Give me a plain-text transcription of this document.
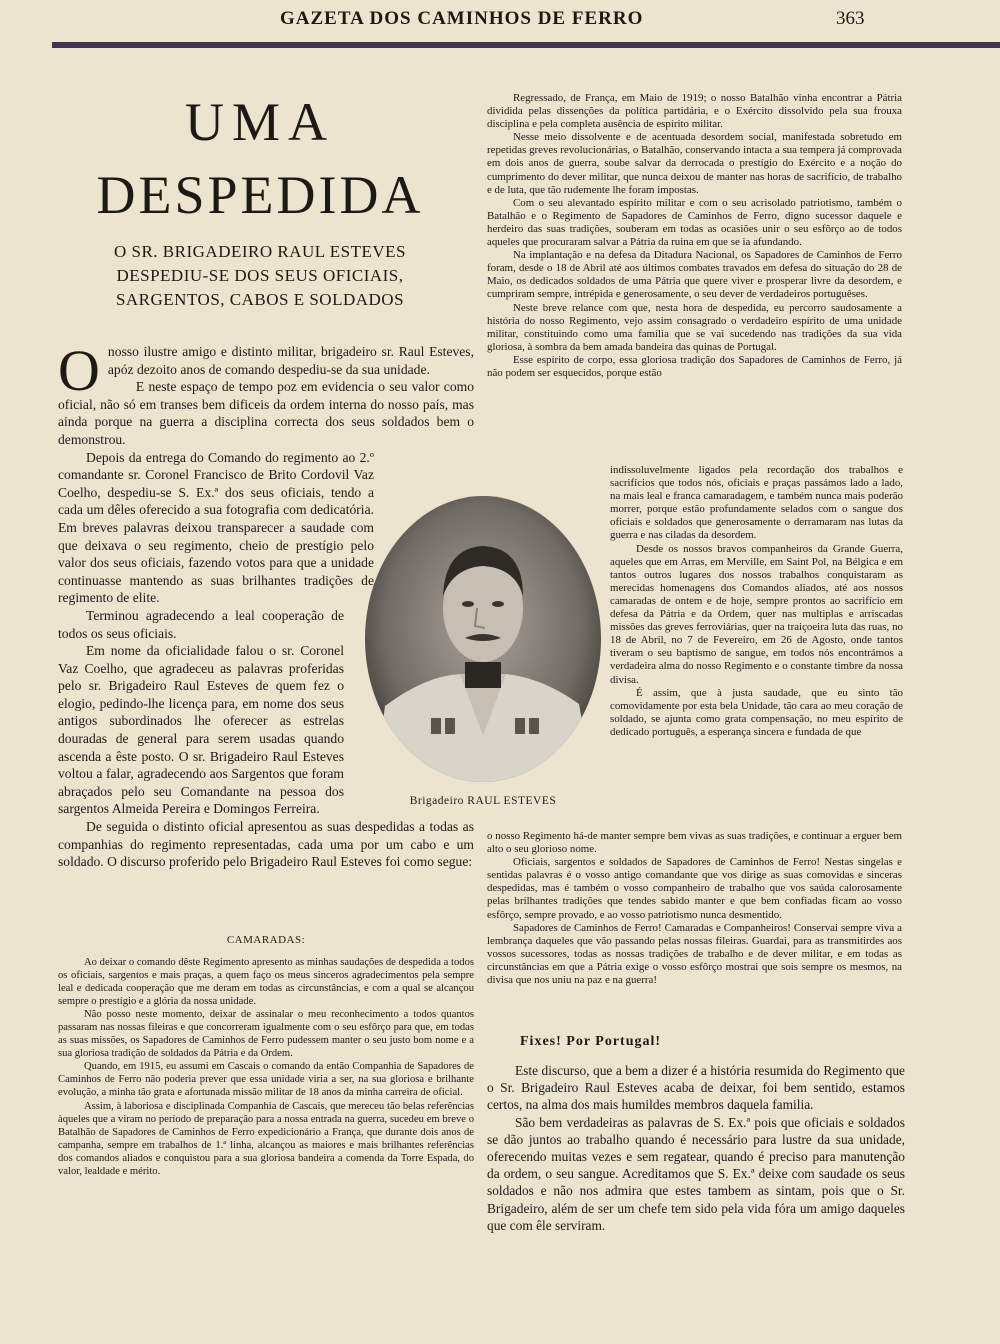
GAZETA DOS CAMINHOS DE FERRO	363
UMA
DESPEDIDA
O SR. BRIGADEIRO RAUL ESTEVES
DESPEDIU-SE DOS SEUS OFICIAIS,
SARGENTOS, CABOS E SOLDADOS

Onosso ilustre amigo e distinto militar, brigadeiro sr. Raul Esteves, apóz dezoito anos de comando despediu-se da sua unidade.

E neste espaço de tempo poz em evidencia o seu valor como oficial, não só em transes bem dificeis da ordem interna do nosso país, mas ainda porque na guerra a disciplina correcta dos seus soldados bem o demonstrou.

Depois da entrega do Comando do regimento ao 2.º comandante sr. Coronel Francisco de Brito Cordovil Vaz Coelho, despediu-se S. Ex.ª dos seus oficiais, tendo a cada um dêles oferecido a sua fotografia com dedicatória. Em breves palavras deixou transparecer a saudade com que deixava o seu regimento, cheio de prestígio pelo valor dos seus oficiais, fazendo votos para que a unidade continuasse mantendo as suas brilhantes tradições de regimento de elite.

Terminou agradecendo a leal cooperação de todos os seus oficiais.

Em nome da oficialidade falou o sr. Coronel Vaz Coelho, que agradeceu as palavras proferidas pelo sr. Brigadeiro Raul Esteves de quem fez o elogio, pedindo-lhe licença para, em nome dos seus antigos subordinados lhe oferecer as estrelas douradas de general para serem usadas quando ascenda a êste posto. O sr. Brigadeiro Raul Esteves voltou a falar, agradecendo aos Sargentos que foram abraçados pelo seu Comandante na pessoa dos sargentos Almeida Pereira e Domingos Ferreira.

De seguida o distinto oficial apresentou as suas despedidas a todas as companhias do regimento representadas, cada uma por um cabo e um soldado. O discurso proferido pelo Brigadeiro Raul Esteves foi como segue:

CAMARADAS:

Ao deixar o comando dêste Regimento apresento as minhas saudações de despedida a todos os oficiais, sargentos e mais praças, a quem faço os meus sinceros agradecimentos pela sempre leal e dedicada cooperação que me deram em todas as circunstâncias, e com a qual se alcançou sempre o prestígio e a glória da nossa unidade.

Não posso neste momento, deixar de assinalar o meu reconhecimento a todos quantos passaram nas nossas fileiras e que concorreram igualmente com o seu esfôrço para que, em todas as suas missões, os Sapadores de Caminhos de Ferro pudessem manter o seu justo bom nome e a sua gloriosa tradição de soldados da Pátria e da Ordem.

Quando, em 1915, eu assumi em Cascais o comando da então Companhia de Sapadores de Caminhos de Ferro não poderia prever que essa unidade viria a ser, na sua gloriosa e brilhante evolução, a minha tão grata e afortunada missão militar de 18 anos da minha carreira de oficial.

Assim, à laboriosa e disciplinada Companhia de Cascais, que mereceu tão belas referências àqueles que a viram no período de preparação para a nossa entrada na guerra, sucedeu em breve o Batalhão de Sapadores de Caminhos de Ferro expedicionário a França, que durante dois anos de campanha, sempre em trabalhos de 1.ª linha, alcançou as maiores e mais brilhantes referências dos comandos aliados e conquistou para a sua gloriosa bandeira a comenda da Torre Espada, do valor, lealdade e mérito.

Regressado, de França, em Maio de 1919; o nosso Batalhão vinha encontrar a Pátria dividida pelas dissenções da política partidária, e o Exército dissolvido pela sua frouxa disciplina e pela completa ausência de espírito militar.

Nesse meio dissolvente e de acentuada desordem social, manifestada sobretudo em repetidas greves revolucionárias, o Batalhão, conservando intacta a sua tempera já comprovada em dois anos de guerra, soube salvar da derrocada o prestígio do Exército e a noção do cumprimento do dever militar, que nunca deixou de manter nas horas de sacrifício, de trabalho e de luta, que tão rudemente lhe foram impostas.

Com o seu alevantado espírito militar e com o seu acrisolado patriotismo, também o Batalhão e o Regimento de Sapadores de Caminhos de Ferro, digno sucessor daquele e herdeiro das suas tradições, souberam em todas as ocasiões unir o seu esfôrço ao de todos aqueles que procuraram salvar a Pátria da ruina em que se ia afundando.

Na implantação e na defesa da Ditadura Nacional, os Sapadores de Caminhos de Ferro foram, desde o 18 de Abril até aos últimos combates travados em defesa do situação do 28 de Maio, os dedicados soldados de uma Pátria que quere viver e prosperar livre da desordem, e cumpriram sempre, intrépida e generosamente, o seu dever de verdadeiros portuguêses.

Neste breve relance com que, nesta hora de despedida, eu percorro saudosamente a história do nosso Regimento, vejo assim consagrado o verdadeiro espírito de uma unidade militar, constituindo como uma família que se vai sucedendo nas tradições da sua vida gloriosa, à sombra da bem amada bandeira das quinas de Portugal.

Esse espírito de corpo, essa gloriosa tradição dos Sapadores de Caminhos de Ferro, já não podem ser esquecidos, porque estão

indissoluvelmente ligados pela recordação dos trabalhos e sacrifícios que todos nós, oficiais e praças passámos lado a lado, na mais leal e franca camaradagem, e também nunca mais poderão morrer, porque estão profundamente selados com o sangue dos oficiais e soldados que generosamente o derramaram nas lutas da guerra e nas ciladas da desordem.

Desde os nossos bravos companheiros da Grande Guerra, aqueles que em Arras, em Merville, em Saint Pol, na Bélgica e em tantos outros lugares dos nossos trabalhos conquistaram as merecidas homenagens dos Comandos aliados, até aos nossos camaradas de ontem e de hoje, sempre prontos ao sacrifício em defesa da Pátria e da Ordem, quer nas multiplas e arriscadas missões das greves ferroviárias, quer na traiçoeira luta das ruas, no 18 de Abril, no 7 de Fevereiro, em 26 de Agosto, onde tantos tiveram o seu baptismo de sangue, em todos nós encontrámos a verdadeira alma do nosso Regimento e o constante timbre da nossa divisa.

É assim, que à justa saudade, que eu sinto tão comovidamente por esta bela Unidade, tão cara ao meu coração de soldado, se ajunta como grata compensação, no meu espírito de dedicado português, a esperança sincera e fundada de que

o nosso Regimento há-de manter sempre bem vivas as suas tradições, e continuar a erguer bem alto o seu glorioso nome.

Oficiais, sargentos e soldados de Sapadores de Caminhos de Ferro! Nestas singelas e sentidas palavras é o vosso antigo comandante que vos dirige as suas comovidas e sinceras despedidas, mas é também o vosso companheiro de trabalho que vos saúda calorosamente pelas brilhantes tradições que tendes sabido manter e que bem confiadas ficam ao vosso esfôrço, sempre provado, e ao vosso patriotismo nunca desmentido.

Sapadores de Caminhos de Ferro! Camaradas e Companheiros! Conservai sempre viva a lembrança daqueles que vão passando pelas nossas fileiras. Guardai, para as transmitirdes aos vossos sucessores, todas as nossas tradições de trabalho e de dever militar, e em todas as circunstâncias em que a Pátria exige o vosso esfôrço mostrai que sois sempre os mesmos, na divisa que nos uniu na paz e na guerra!

Fixes! Por Portugal!

Este discurso, que a bem a dizer é a história resumida do Regimento que o Sr. Brigadeiro Raul Esteves acaba de deixar, foi bem sentido, estamos certos, na alma dos mais humildes membros daquela familia.

São bem verdadeiras as palavras de S. Ex.ª pois que oficiais e soldados se dão juntos ao trabalho quando é necessário para lustre da sua unidade, oferecendo muitas vezes e sem regatear, quando é preciso para manutenção da ordem, o seu sangue. Acreditamos que S. Ex.ª deixe com saudade os seus soldados e não nos admira que estes tambem as sintam, pois que o Sr. Brigadeiro, além de ser um chefe tem sido pela vida fóra um amigo daqueles que com êle serviram.

Brigadeiro RAUL ESTEVES
